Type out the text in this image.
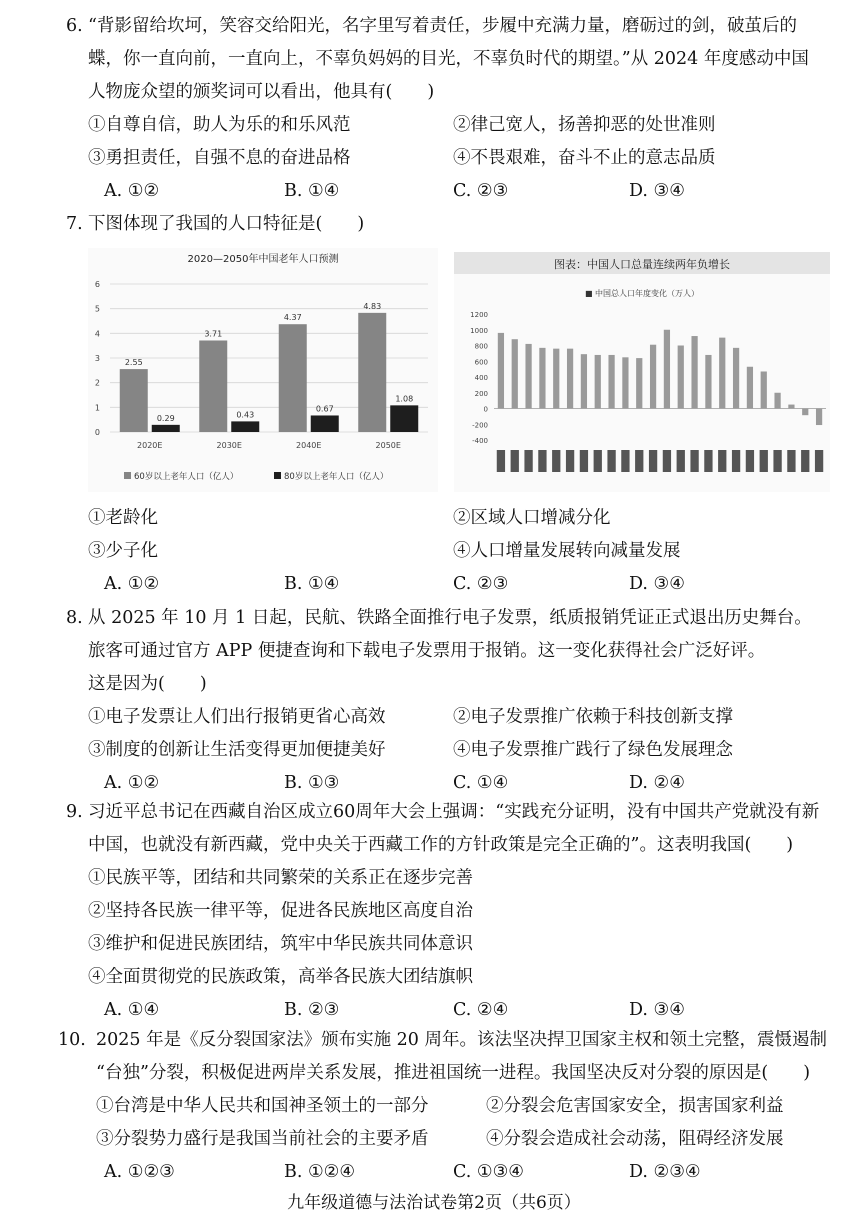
6. “背影留给坎坷，笑容交给阳光，名字里写着责任，步履中充满力量，磨砺过的剑，破茧后的
蝶，你一直向前，一直向上，不辜负妈妈的目光，不辜负时代的期望。”从 2024 年度感动中国
人物庞众望的颁奖词可以看出，他具有(　　)
①自尊自信，助人为乐的和乐风范	②律己宽人，扬善抑恶的处世准则
③勇担责任，自强不息的奋进品格	④不畏艰难，奋斗不止的意志品质
A. ①②	B. ①④	C. ②③	D. ③④
7. 下图体现了我国的人口特征是(　　)
2020—2050年中国老年人口预测
0
1
2
3
4
5
6
2.55
0.29
2020E
3.71
0.43
2030E
4.37
0.67
2040E
4.83
1.08
2050E
60岁以上老年人口（亿人）	80岁以上老年人口（亿人）
图表：中国人口总量连续两年负增长
■ 中国总人口年度变化（万人）
1200
1000
800
600
400
200
0
-200
-400
①老龄化	②区域人口增减分化
③少子化	④人口增量发展转向减量发展
A. ①②	B. ①④	C. ②③	D. ③④
8. 从 2025 年 10 月 1 日起，民航、铁路全面推行电子发票，纸质报销凭证正式退出历史舞台。
旅客可通过官方 APP 便捷查询和下载电子发票用于报销。这一变化获得社会广泛好评。
这是因为(　　)
①电子发票让人们出行报销更省心高效	②电子发票推广依赖于科技创新支撑
③制度的创新让生活变得更加便捷美好	④电子发票推广践行了绿色发展理念
A. ①②	B. ①③	C. ①④	D. ②④
9. 习近平总书记在西藏自治区成立60周年大会上强调：“实践充分证明，没有中国共产党就没有新
中国，也就没有新西藏，党中央关于西藏工作的方针政策是完全正确的”。这表明我国(　　)
①民族平等，团结和共同繁荣的关系正在逐步完善
②坚持各民族一律平等，促进各民族地区高度自治
③维护和促进民族团结，筑牢中华民族共同体意识
④全面贯彻党的民族政策，高举各民族大团结旗帜
A. ①④	B. ②③	C. ②④	D. ③④
10. 2025 年是《反分裂国家法》颁布实施 20 周年。该法坚决捍卫国家主权和领土完整，震慑遏制
“台独”分裂，积极促进两岸关系发展，推进祖国统一进程。我国坚决反对分裂的原因是(　　)
①台湾是中华人民共和国神圣领土的一部分	②分裂会危害国家安全，损害国家利益
③分裂势力盛行是我国当前社会的主要矛盾	④分裂会造成社会动荡，阻碍经济发展
A. ①②③	B. ①②④	C. ①③④	D. ②③④
九年级道德与法治试卷第2页（共6页）
